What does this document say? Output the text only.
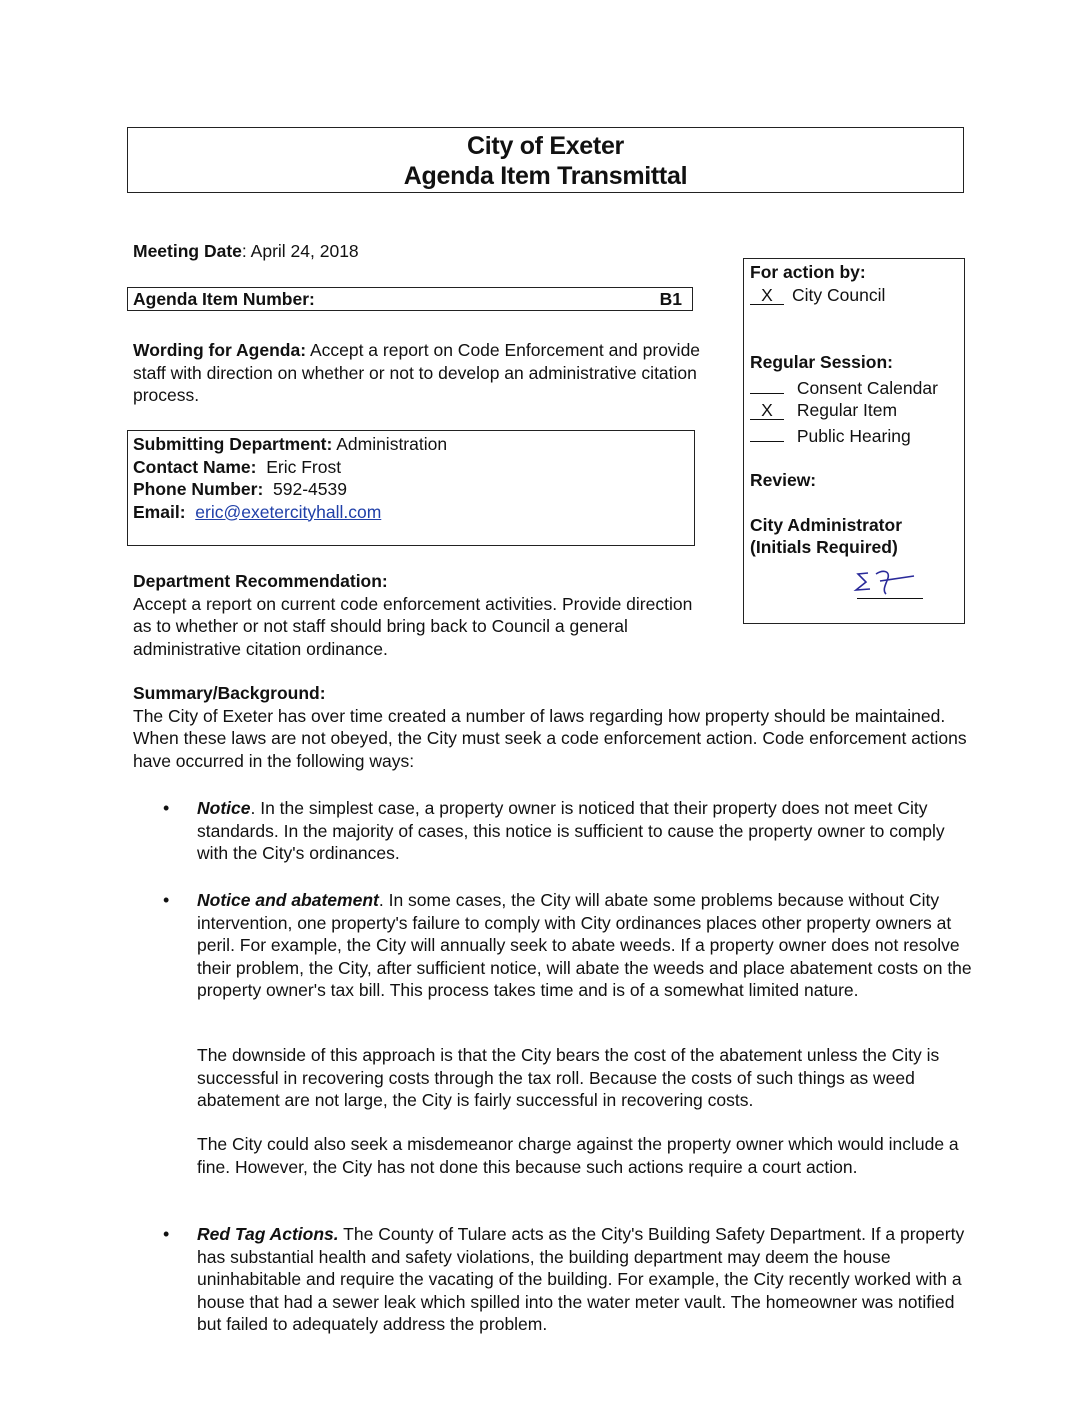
City of Exeter
Agenda Item Transmittal
Meeting Date: April 24, 2018
Agenda Item Number:	B1
Wording for Agenda: Accept a report on Code Enforcement and provide staff with direction on whether or not to develop an administrative citation process.
Submitting Department: Administration
Contact Name:  Eric Frost
Phone Number:  592-4539
Email: eric@exetercityhall.com
For action by:
X City Council
Regular Session:
Consent Calendar
X Regular Item
Public Hearing
Review:
City Administrator
(Initials Required)
Department Recommendation:
Accept a report on current code enforcement activities. Provide direction as to whether or not staff should bring back to Council a general administrative citation ordinance.
Summary/Background:
The City of Exeter has over time created a number of laws regarding how property should be maintained. When these laws are not obeyed, the City must seek a code enforcement action. Code enforcement actions have occurred in the following ways:
• Notice. In the simplest case, a property owner is noticed that their property does not meet City standards. In the majority of cases, this notice is sufficient to cause the property owner to comply with the City's ordinances.
• Notice and abatement. In some cases, the City will abate some problems because without City intervention, one property's failure to comply with City ordinances places other property owners at peril. For example, the City will annually seek to abate weeds. If a property owner does not resolve their problem, the City, after sufficient notice, will abate the weeds and place abatement costs on the property owner's tax bill. This process takes time and is of a somewhat limited nature.
The downside of this approach is that the City bears the cost of the abatement unless the City is successful in recovering costs through the tax roll. Because the costs of such things as weed abatement are not large, the City is fairly successful in recovering costs.
The City could also seek a misdemeanor charge against the property owner which would include a fine. However, the City has not done this because such actions require a court action.
• Red Tag Actions. The County of Tulare acts as the City's Building Safety Department. If a property has substantial health and safety violations, the building department may deem the house uninhabitable and require the vacating of the building. For example, the City recently worked with a house that had a sewer leak which spilled into the water meter vault. The homeowner was notified but failed to adequately address the problem.
